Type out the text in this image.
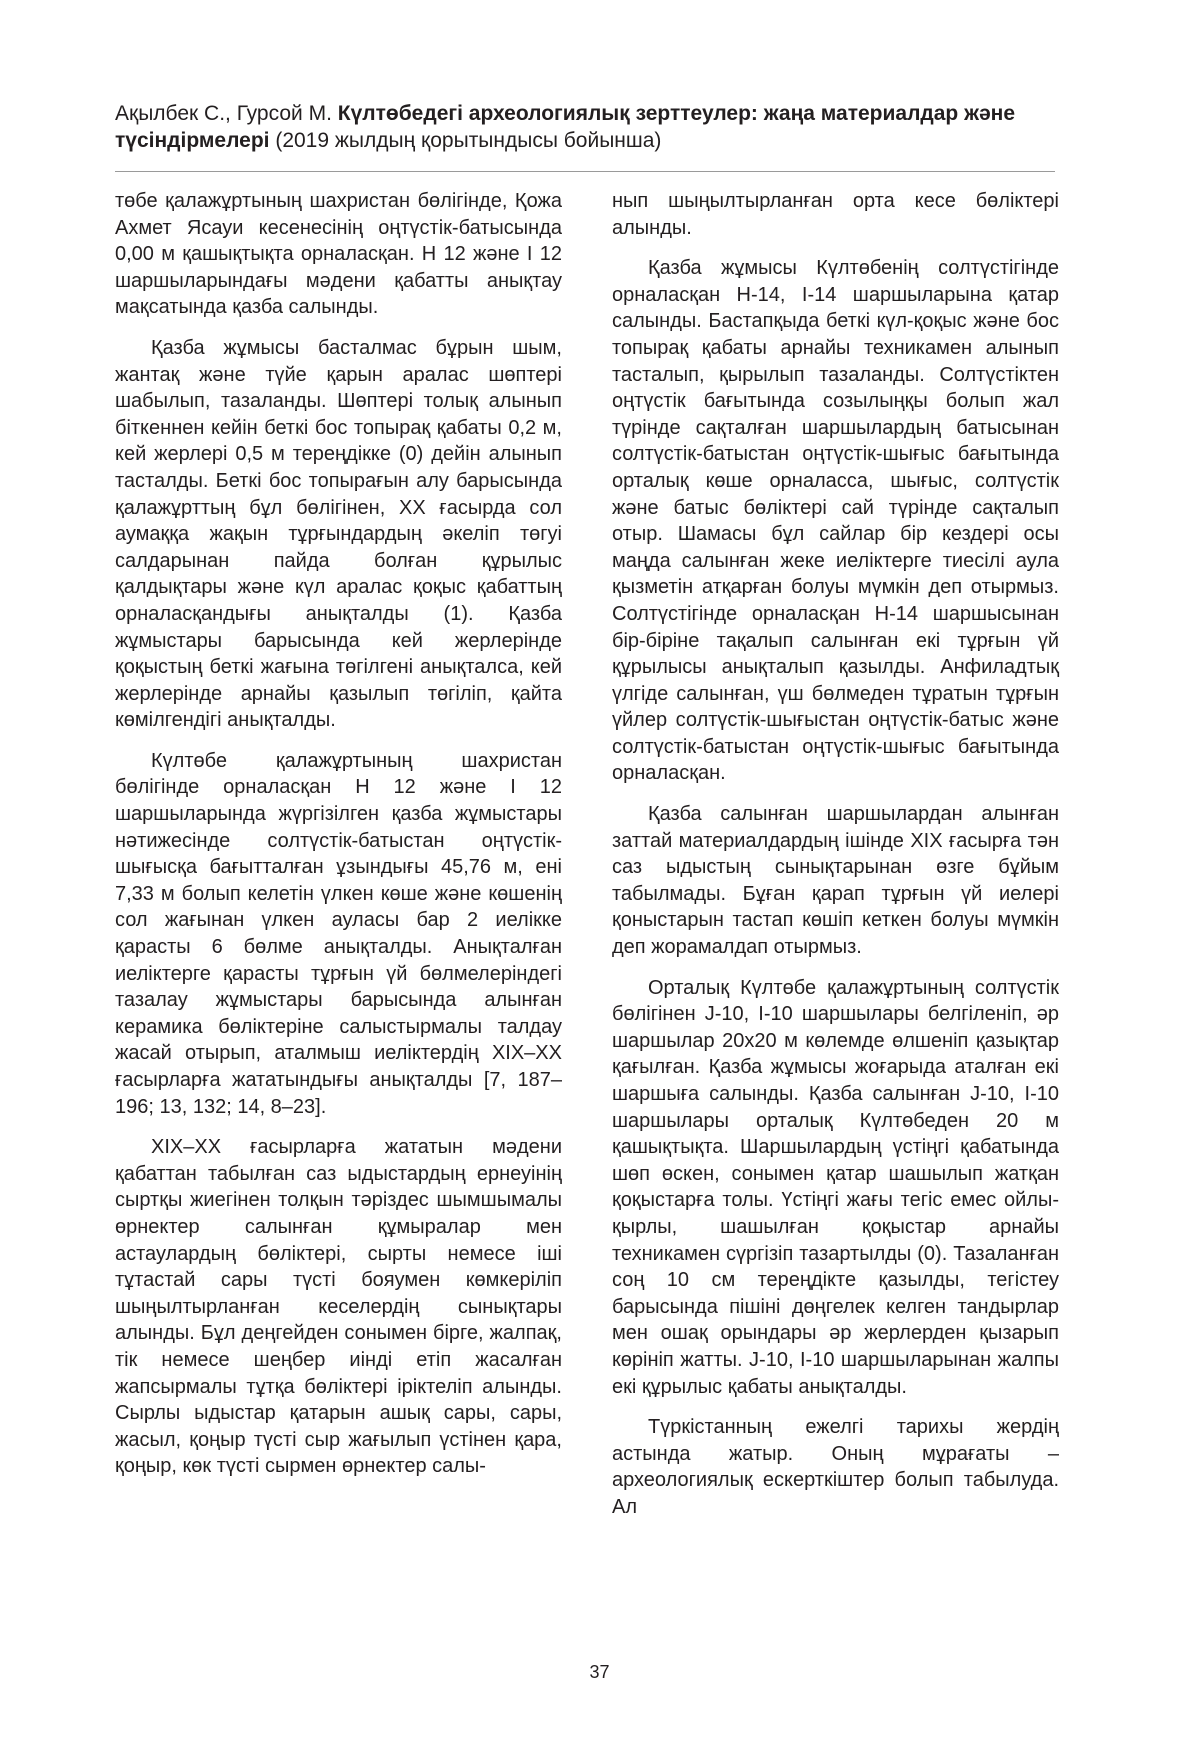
Ақылбек С., Гурсой М. Күлтөбедегі археологиялық зерттеулер: жаңа материалдар және түсіндірмелері (2019 жылдың қорытындысы бойынша)

төбе қалажұртының шахристан бөлігінде, Қожа Ахмет Ясауи кесенесінің оңтүстік-батысында 0,00 м қашықтықта орналасқан. Н 12 және I 12 шаршыларындағы мәдени қабатты анықтау мақсатында қазба салынды.

Қазба жұмысы басталмас бұрын шым, жантақ және түйе қарын аралас шөптері шабылып, тазаланды. Шөптері толық алынып біткеннен кейін беткі бос топырақ қабаты 0,2 м, кей жерлері 0,5 м тереңдікке (0) дейін алынып тасталды. Беткі бос топырағын алу барысында қалажұрттың бұл бөлігінен, ХХ ғасырда сол аумаққа жақын тұрғындардың әкеліп төгуі салдарынан пайда болған құрылыс қалдықтары және күл аралас қоқыс қабаттың орналасқандығы анықталды (1). Қазба жұмыстары барысында кей жерлерінде қоқыстың беткі жағына төгілгені анықталса, кей жерлерінде арнайы қазылып төгіліп, қайта көмілгендігі анықталды.

Күлтөбе қалажұртының шахристан бөлігінде орналасқан Н 12 және I 12 шаршыларында жүргізілген қазба жұмыстары нәтижесінде солтүстік-батыстан оңтүстік-шығысқа бағытталған ұзындығы 45,76 м, ені 7,33 м болып келетін үлкен көше және көшенің сол жағынан үлкен ауласы бар 2 иелікке қарасты 6 бөлме анықталды. Анықталған иеліктерге қарасты тұрғын үй бөлмелеріндегі тазалау жұмыстары барысында алынған керамика бөліктеріне салыстырмалы талдау жасай отырып, аталмыш иеліктердің XIX–XX ғасырларға жататындығы анықталды [7, 187–196; 13, 132; 14, 8–23].

XIX–XX ғасырларға жататын мәдени қабаттан табылған саз ыдыстардың ернеуінің сыртқы жиегінен толқын тәріздес шымшымалы өрнектер салынған құмыралар мен астаулардың бөліктері, сырты немесе іші тұтастай сары түсті бояумен көмкеріліп шыңылтырланған кеселердің сынықтары алынды. Бұл деңгейден сонымен бірге, жалпақ, тік немесе шеңбер иінді етіп жасалған жапсырмалы тұтқа бөліктері іріктеліп алынды. Сырлы ыдыстар қатарын ашық сары, сары, жасыл, қоңыр түсті сыр жағылып үстінен қара, қоңыр, көк түсті сырмен өрнектер салы-

нып шыңылтырланған орта кесе бөліктері алынды.

Қазба жұмысы Күлтөбенің солтүстігінде орналасқан Н-14, I-14 шаршыларына қатар салынды. Бастапқыда беткі күл-қоқыс және бос топырақ қабаты арнайы техникамен алынып тасталып, қырылып тазаланды. Солтүстіктен оңтүстік бағытында созылыңқы болып жал түрінде сақталған шаршылардың батысынан солтүстік-батыстан оңтүстік-шығыс бағытында орталық көше орналасса, шығыс, солтүстік және батыс бөліктері сай түрінде сақталып отыр. Шамасы бұл сайлар бір кездері осы маңда салынған жеке иеліктерге тиесілі аула қызметін атқарған болуы мүмкін деп отырмыз. Солтүстігінде орналасқан Н-14 шаршысынан бір-біріне тақалып салынған екі тұрғын үй құрылысы анықталып қазылды. Анфиладтық үлгіде салынған, үш бөлмеден тұратын тұрғын үйлер солтүстік-шығыстан оңтүстік-батыс және солтүстік-батыстан оңтүстік-шығыс бағытында орналасқан.

Қазба салынған шаршылардан алынған заттай материалдардың ішінде XIX ғасырға тән саз ыдыстың сынықтарынан өзге бұйым табылмады. Бұған қарап тұрғын үй иелері қоныстарын тастап көшіп кеткен болуы мүмкін деп жорамалдап отырмыз.

Орталық Күлтөбе қалажұртының солтүстік бөлігінен J-10, I-10 шаршылары белгіленіп, әр шаршылар 20х20 м көлемде өлшеніп қазықтар қағылған. Қазба жұмысы жоғарыда аталған екі шаршыға салынды. Қазба салынған J-10, I-10 шаршылары орталық Күлтөбеден 20 м қашықтықта. Шаршылардың үстіңгі қабатында шөп өскен, сонымен қатар шашылып жатқан қоқыстарға толы. Үстіңгі жағы тегіс емес ойлы-қырлы, шашылған қоқыстар арнайы техникамен сүргізіп тазартылды (0). Тазаланған соң 10 см тереңдікте қазылды, тегістеу барысында пішіні дөңгелек келген тандырлар мен ошақ орындары әр жерлерден қызарып көрініп жатты. J-10, I-10 шаршыларынан жалпы екі құрылыс қабаты анықталды.

Түркістанның ежелгі тарихы жердің астында жатыр. Оның мұрағаты – археологиялық ескерткіштер болып табылуда. Ал

37
